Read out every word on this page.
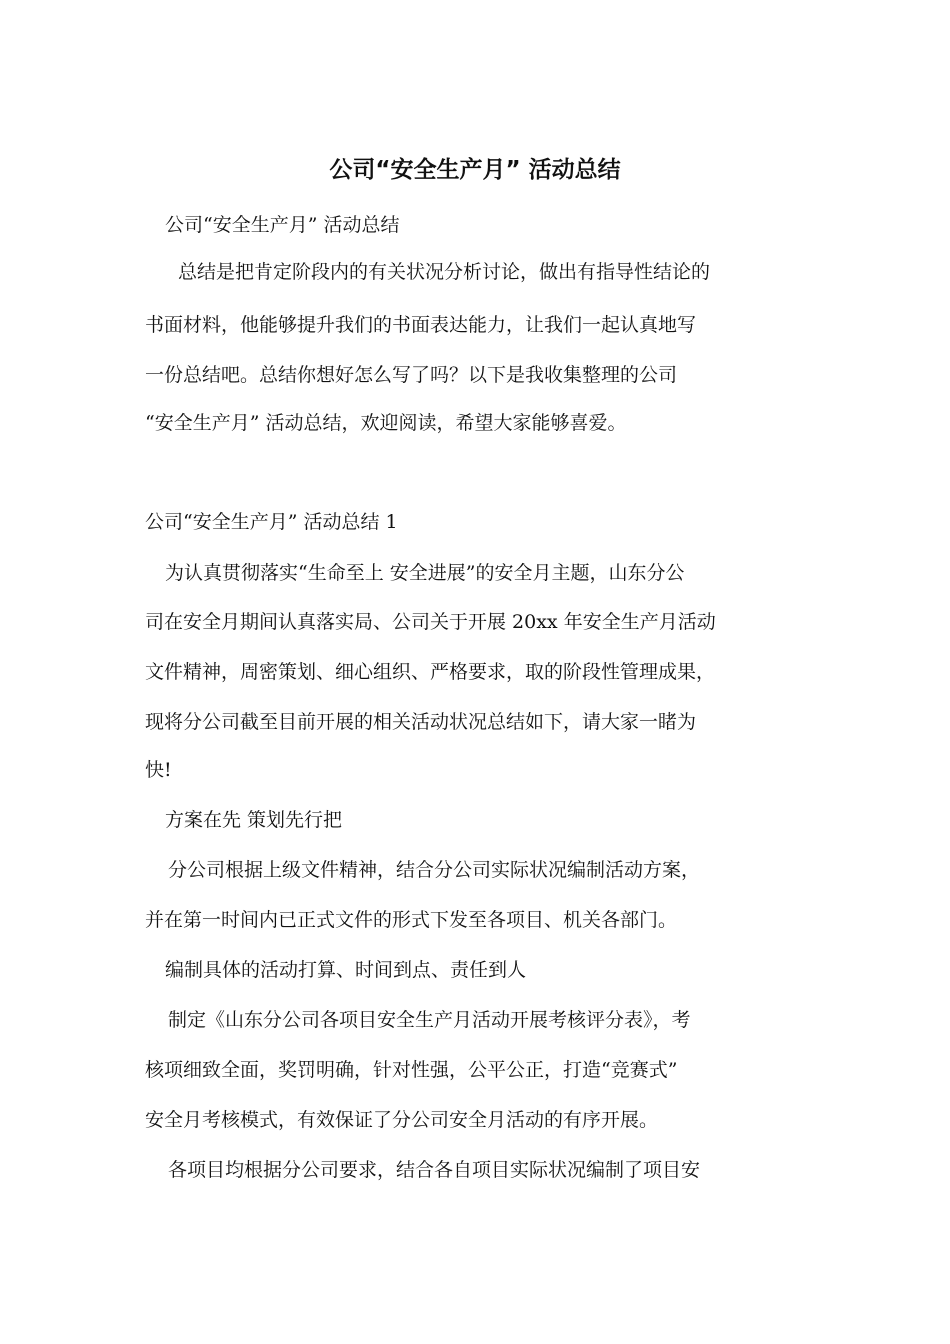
公司“安全生产月” 活动总结
公司“安全生产月” 活动总结
总结是把肯定阶段内的有关状况分析讨论，做出有指导性结论的
书面材料，他能够提升我们的书面表达能力，让我们一起认真地写
一份总结吧。总结你想好怎么写了吗？以下是我收集整理的公司
“安全生产月” 活动总结，欢迎阅读，希望大家能够喜爱。
公司“安全生产月” 活动总结 1
为认真贯彻落实“生命至上 安全进展”的安全月主题，山东分公
司在安全月期间认真落实局、公司关于开展 20xx 年安全生产月活动
文件精神，周密策划、细心组织、严格要求，取的阶段性管理成果，
现将分公司截至目前开展的相关活动状况总结如下，请大家一睹为
快!
方案在先 策划先行把
分公司根据上级文件精神，结合分公司实际状况编制活动方案，
并在第一时间内已正式文件的形式下发至各项目、机关各部门。
编制具体的活动打算、时间到点、责任到人
制定《山东分公司各项目安全生产月活动开展考核评分表》，考
核项细致全面，奖罚明确，针对性强，公平公正，打造“竞赛式”
安全月考核模式，有效保证了分公司安全月活动的有序开展。
各项目均根据分公司要求，结合各自项目实际状况编制了项目安
